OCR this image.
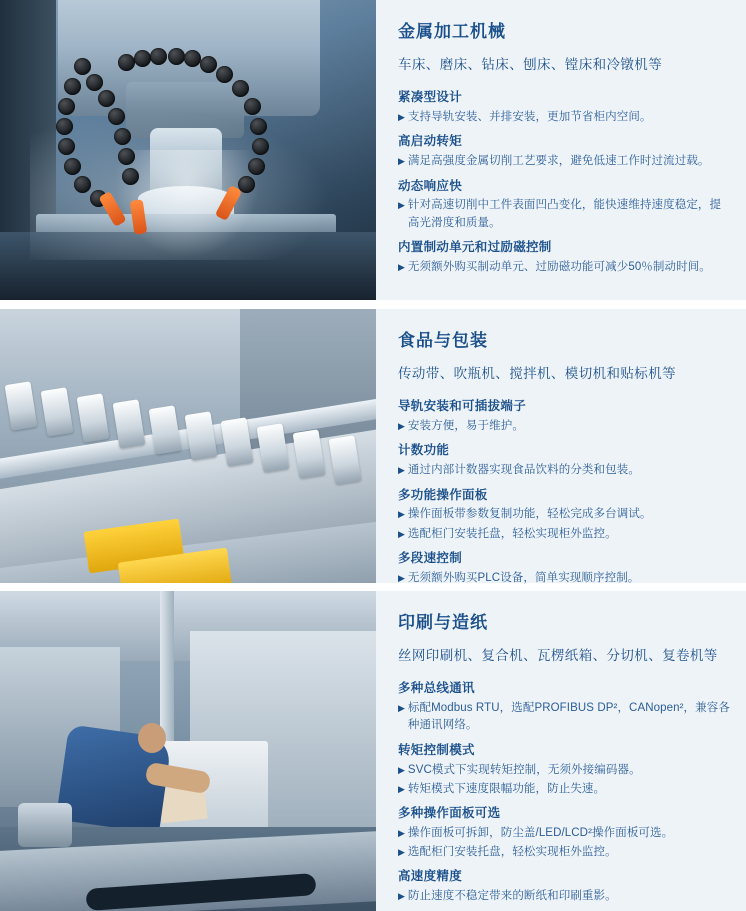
金属加工机械
车床、磨床、钻床、刨床、镗床和冷镦机等
紧凑型设计
▶ 支持导轨安装、并排安装，更加节省柜内空间。
高启动转矩
▶ 满足高强度金属切削工艺要求，避免低速工作时过流过载。
动态响应快
▶ 针对高速切削中工件表面凹凸变化，能快速维持速度稳定，提高光滑度和质量。
内置制动单元和过励磁控制
▶ 无须额外购买制动单元、过励磁功能可减少50％制动时间。
食品与包装
传动带、吹瓶机、搅拌机、模切机和贴标机等
导轨安装和可插拔端子
▶ 安装方便，易于维护。
计数功能
▶ 通过内部计数器实现食品饮料的分类和包装。
多功能操作面板
▶ 操作面板带参数复制功能，轻松完成多台调试。
▶ 选配柜门安装托盘，轻松实现柜外监控。
多段速控制
▶ 无须额外购买PLC设备，简单实现顺序控制。
印刷与造纸
丝网印刷机、复合机、瓦楞纸箱、分切机、复卷机等
多种总线通讯
▶ 标配Modbus RTU，选配PROFIBUS DP²，CANopen²，兼容各种通讯网络。
转矩控制模式
▶ SVC模式下实现转矩控制，无须外接编码器。
▶ 转矩模式下速度限幅功能，防止失速。
多种操作面板可选
▶ 操作面板可拆卸，防尘盖/LED/LCD²操作面板可选。
▶ 选配柜门安装托盘，轻松实现柜外监控。
高速度精度
▶ 防止速度不稳定带来的断纸和印刷重影。
